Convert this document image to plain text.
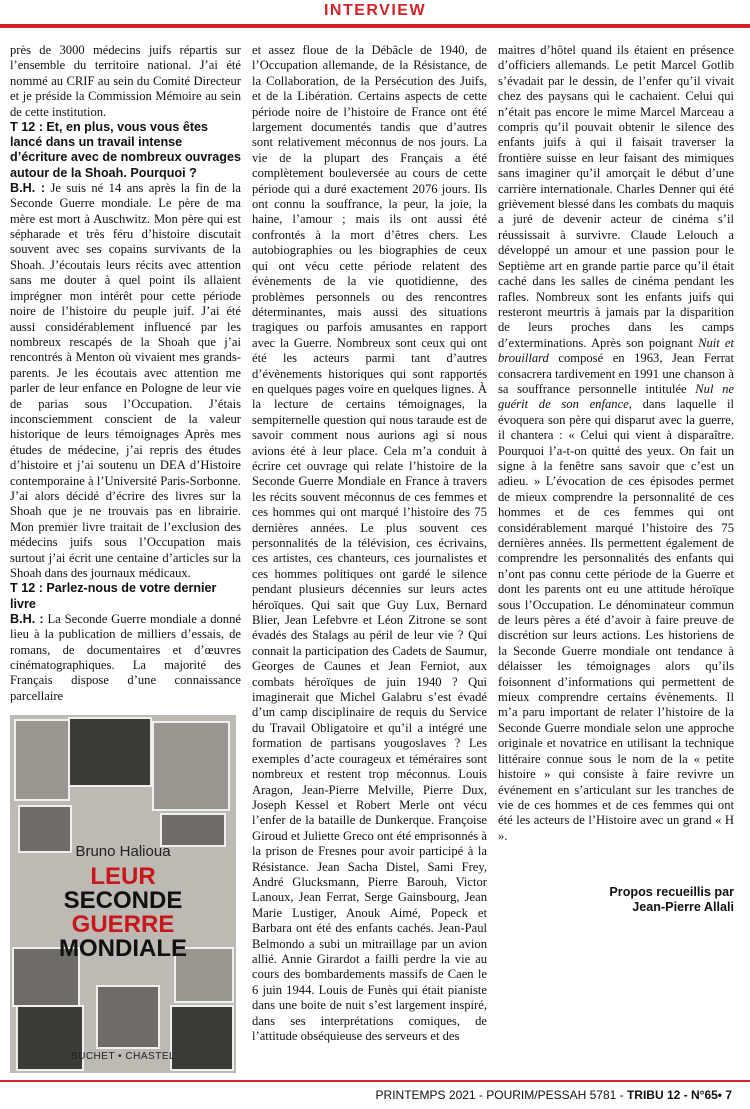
INTERVIEW

près de 3000 médecins juifs répartis sur l’ensemble du territoire national. J’ai été nommé au CRIF au sein du Comité Directeur et je préside la Commission Mémoire au sein de cette institution.

T 12 : Et, en plus, vous vous êtes lancé dans un travail intense d’écriture avec de nombreux ouvrages autour de la Shoah. Pourquoi ?

B.H. : Je suis né 14 ans après la fin de la Seconde Guerre mondiale. Le père de ma mère est mort à Auschwitz. Mon père qui est sépharade et très féru d’histoire discutait souvent avec ses copains survivants de la Shoah. J’écoutais leurs récits avec attention sans me douter à quel point ils allaient imprégner mon intérêt pour cette période noire de l’histoire du peuple juif. J’ai été aussi considérablement influencé par les nombreux rescapés de la Shoah que j’ai rencontrés à Menton où vivaient mes grands-parents. Je les écoutais avec attention me parler de leur enfance en Pologne de leur vie de parias sous l’Occupation. J’étais inconsciemment conscient de la valeur historique de leurs témoignages Après mes études de médecine, j’ai repris des études d’histoire et j’ai soutenu un DEA d’Histoire contemporaine à l’Université Paris-Sorbonne. J’ai alors décidé d’écrire des livres sur la Shoah que je ne trouvais pas en librairie. Mon premier livre traitait de l’exclusion des médecins juifs sous l’Occupation mais surtout j’ai écrit une centaine d’articles sur la Shoah dans des journaux médicaux.

T 12 : Parlez-nous de votre dernier livre

B.H. : La Seconde Guerre mondiale a donné lieu à la publication de milliers d’essais, de romans, de documentaires et d’œuvres cinématographiques. La majorité des Français dispose d’une connaissance parcellaire

Bruno Halioua
LEUR
SECONDE
GUERRE
MONDIALE
BUCHET • CHASTEL

et assez floue de la Débâcle de 1940, de l’Occupation allemande, de la Résistance, de la Collaboration, de la Persécution des Juifs, et de la Libération. Certains aspects de cette période noire de l’histoire de France ont été largement documentés tandis que d’autres sont relativement méconnus de nos jours. La vie de la plupart des Français a été complètement bouleversée au cours de cette période qui a duré exactement 2076 jours. Ils ont connu la souffrance, la peur, la joie, la haine, l’amour ; mais ils ont aussi été confrontés à la mort d’êtres chers. Les autobiographies ou les biographies de ceux qui ont vécu cette période relatent des évènements de la vie quotidienne, des problèmes personnels ou des rencontres déterminantes, mais aussi des situations tragiques ou parfois amusantes en rapport avec la Guerre. Nombreux sont ceux qui ont été les acteurs parmi tant d’autres d’évènements historiques qui sont rapportés en quelques pages voire en quelques lignes. À la lecture de certains témoignages, la sempiternelle question qui nous taraude est de savoir comment nous aurions agi si nous avions été à leur place. Cela m’a conduit à écrire cet ouvrage qui relate l’histoire de la Seconde Guerre Mondiale en France à travers les récits souvent méconnus de ces femmes et ces hommes qui ont marqué l’histoire des 75 dernières années. Le plus souvent ces personnalités de la télévision, ces écrivains, ces artistes, ces chanteurs, ces journalistes et ces hommes politiques ont gardé le silence pendant plusieurs décennies sur leurs actes héroïques. Qui sait que Guy Lux, Bernard Blier, Jean Lefebvre et Léon Zitrone se sont évadés des Stalags au péril de leur vie ? Qui connait la participation des Cadets de Saumur, Georges de Caunes et Jean Ferniot, aux combats héroïques de juin 1940 ? Qui imaginerait que Michel Galabru s’est évadé d’un camp disciplinaire de requis du Service du Travail Obligatoire et qu’il a intégré une formation de partisans yougoslaves ? Les exemples d’acte courageux et téméraires sont nombreux et restent trop méconnus. Louis Aragon, Jean-Pierre Melville, Pierre Dux, Joseph Kessel et Robert Merle ont vécu l’enfer de la bataille de Dunkerque. Françoise Giroud et Juliette Greco ont été emprisonnés à la prison de Fresnes pour avoir participé à la Résistance. Jean Sacha Distel, Sami Frey, André Glucksmann, Pierre Barouh, Victor Lanoux, Jean Ferrat, Serge Gainsbourg, Jean Marie Lustiger, Anouk Aimé, Popeck et Barbara ont été des enfants cachés. Jean-Paul Belmondo a subi un mitraillage par un avion allié. Annie Girardot a failli perdre la vie au cours des bombardements massifs de Caen le 6 juin 1944. Louis de Funès qui était pianiste dans une boite de nuit s’est largement inspiré, dans ses interprétations comiques, de l’attitude obséquieuse des serveurs et des

maitres d’hôtel quand ils étaient en présence d’officiers allemands. Le petit Marcel Gotlib s’évadait par le dessin, de l’enfer qu’il vivait chez des paysans qui le cachaient. Celui qui n’était pas encore le mime Marcel Marceau a compris qu’il pouvait obtenir le silence des enfants juifs à qui il faisait traverser la frontière suisse en leur faisant des mimiques sans imaginer qu’il amorçait le début d’une carrière internationale. Charles Denner qui été grièvement blessé dans les combats du maquis a juré de devenir acteur de cinéma s’il réussissait à survivre. Claude Lelouch a développé un amour et une passion pour le Septième art en grande partie parce qu’il était caché dans les salles de cinéma pendant les rafles. Nombreux sont les enfants juifs qui resteront meurtris à jamais par la disparition de leurs proches dans les camps d’exterminations. Après son poignant Nuit et brouillard composé en 1963, Jean Ferrat consacrera tardivement en 1991 une chanson à sa souffrance personnelle intitulée Nul ne guérit de son enfance, dans laquelle il évoquera son père qui disparut avec la guerre, il chantera : « Celui qui vient à disparaître. Pourquoi l’a-t-on quitté des yeux. On fait un signe à la fenêtre sans savoir que c’est un adieu. » L’évocation de ces épisodes permet de mieux comprendre la personnalité de ces hommes et de ces femmes qui ont considérablement marqué l’histoire des 75 dernières années. Ils permettent également de comprendre les personnalités des enfants qui n’ont pas connu cette période de la Guerre et dont les parents ont eu une attitude héroïque sous l’Occupation. Le dénominateur commun de leurs pères a été d’avoir à faire preuve de discrétion sur leurs actions. Les historiens de la Seconde Guerre mondiale ont tendance à délaisser les témoignages alors qu’ils foisonnent d’informations qui permettent de mieux comprendre certains évènements. Il m’a paru important de relater l’histoire de la Seconde Guerre mondiale selon une approche originale et novatrice en utilisant la technique littéraire connue sous le nom de la « petite histoire » qui consiste à faire revivre un événement en s’articulant sur les tranches de vie de ces hommes et de ces femmes qui ont été les acteurs de l’Histoire avec un grand « H ».

Propos recueillis par
Jean-Pierre Allali
PRINTEMPS 2021 - POURIM/PESSAH 5781 - TRIBU 12 - N°65• 7
